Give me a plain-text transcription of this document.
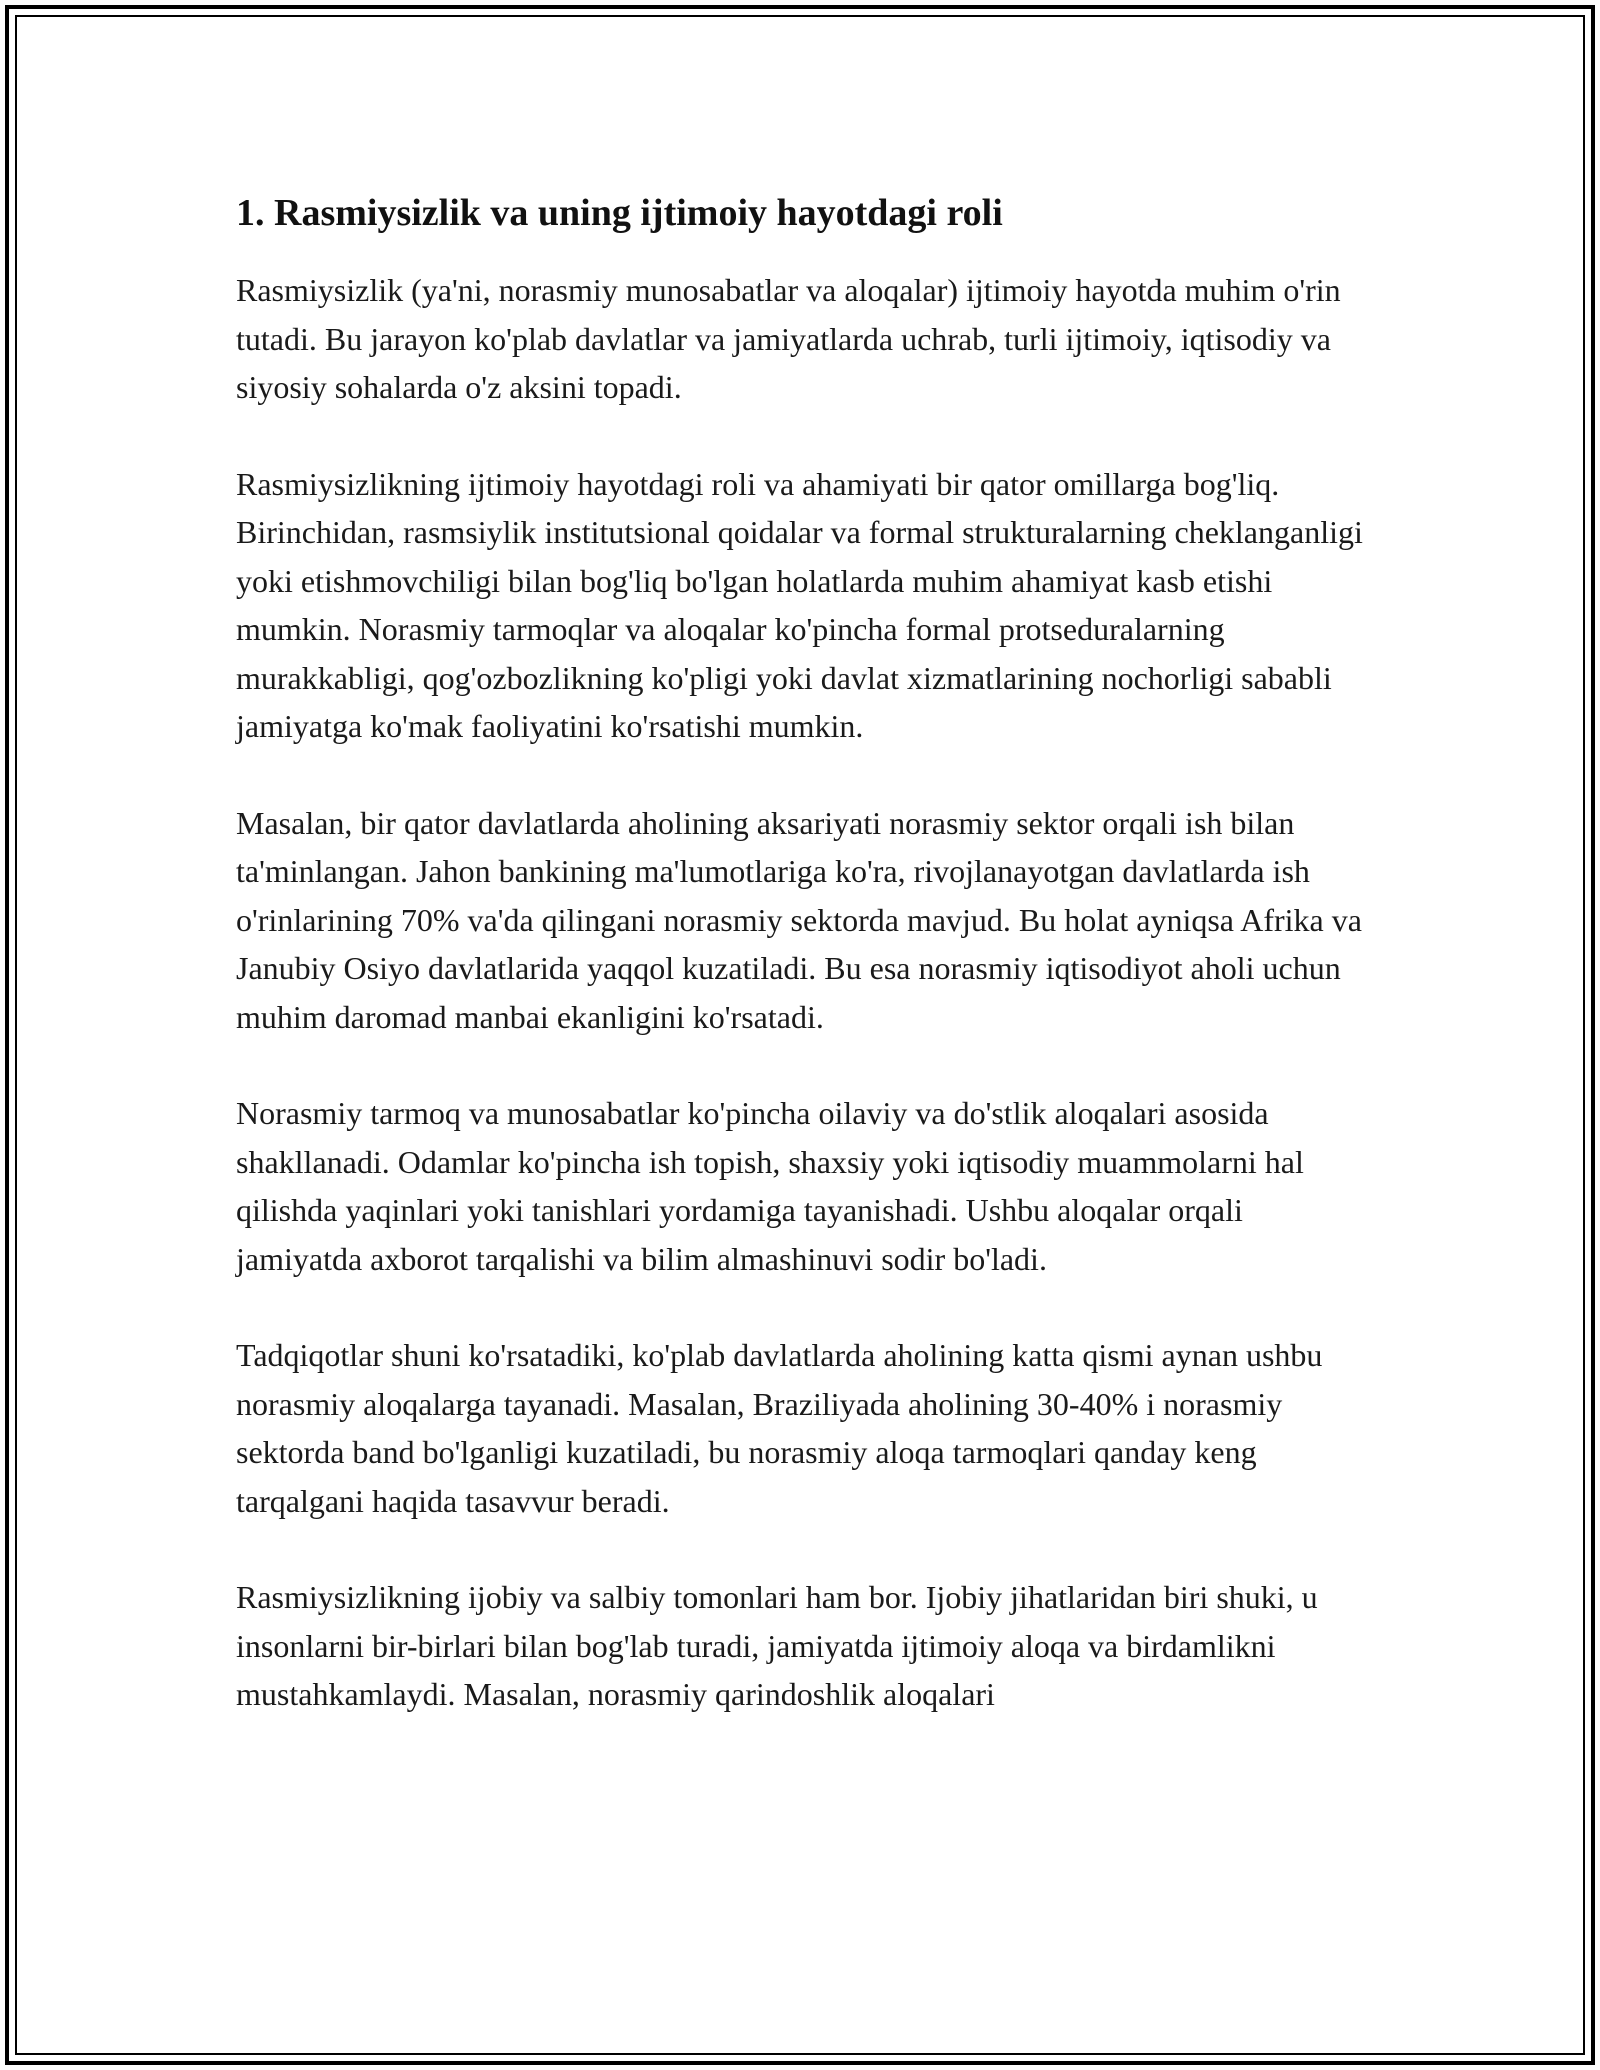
1. Rasmiysizlik va uning ijtimoiy hayotdagi roli

Rasmiysizlik (ya'ni, norasmiy munosabatlar va aloqalar) ijtimoiy hayotda muhim o'rin tutadi. Bu jarayon ko'plab davlatlar va jamiyatlarda uchrab, turli ijtimoiy, iqtisodiy va siyosiy sohalarda o'z aksini topadi.

Rasmiysizlikning ijtimoiy hayotdagi roli va ahamiyati bir qator omillarga bog'liq. Birinchidan, rasmsiylik institutsional qoidalar va formal strukturalarning cheklanganligi yoki etishmovchiligi bilan bog'liq bo'lgan holatlarda muhim ahamiyat kasb etishi mumkin. Norasmiy tarmoqlar va aloqalar ko'pincha formal protseduralarning murakkabligi, qog'ozbozlikning ko'pligi yoki davlat xizmatlarining nochorligi sababli jamiyatga ko'mak faoliyatini ko'rsatishi mumkin.

Masalan, bir qator davlatlarda aholining aksariyati norasmiy sektor orqali ish bilan ta'minlangan. Jahon bankining ma'lumotlariga ko'ra, rivojlanayotgan davlatlarda ish o'rinlarining 70% va'da qilingani norasmiy sektorda mavjud. Bu holat ayniqsa Afrika va Janubiy Osiyo davlatlarida yaqqol kuzatiladi. Bu esa norasmiy iqtisodiyot aholi uchun muhim daromad manbai ekanligini ko'rsatadi.

Norasmiy tarmoq va munosabatlar ko'pincha oilaviy va do'stlik aloqalari asosida shakllanadi. Odamlar ko'pincha ish topish, shaxsiy yoki iqtisodiy muammolarni hal qilishda yaqinlari yoki tanishlari yordamiga tayanishadi. Ushbu aloqalar orqali jamiyatda axborot tarqalishi va bilim almashinuvi sodir bo'ladi.

Tadqiqotlar shuni ko'rsatadiki, ko'plab davlatlarda aholining katta qismi aynan ushbu norasmiy aloqalarga tayanadi. Masalan, Braziliyada aholining 30-40% i norasmiy sektorda band bo'lganligi kuzatiladi, bu norasmiy aloqa tarmoqlari qanday keng tarqalgani haqida tasavvur beradi.

Rasmiysizlikning ijobiy va salbiy tomonlari ham bor. Ijobiy jihatlaridan biri shuki, u insonlarni bir-birlari bilan bog'lab turadi, jamiyatda ijtimoiy aloqa va birdamlikni mustahkamlaydi. Masalan, norasmiy qarindoshlik aloqalari
